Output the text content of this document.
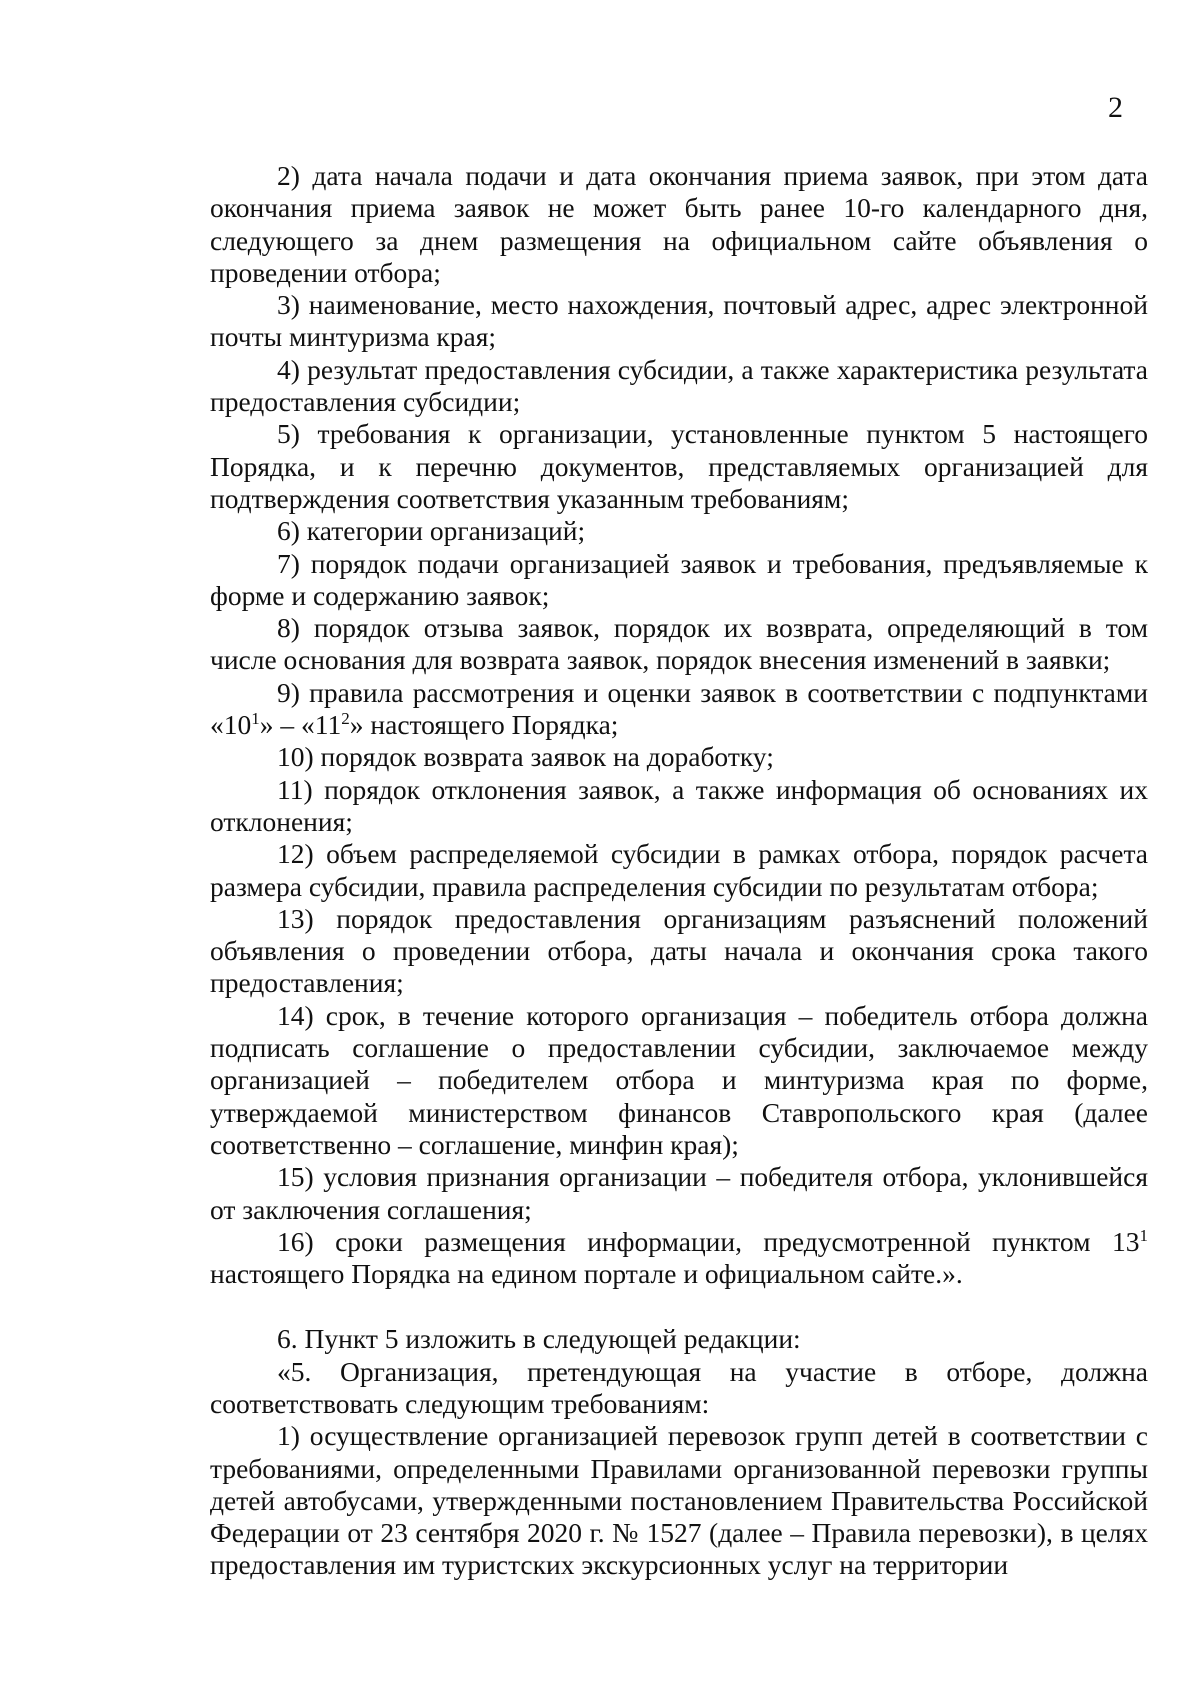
2

2) дата начала подачи и дата окончания приема заявок, при этом дата окончания приема заявок не может быть ранее 10-го календарного дня, следующего за днем размещения на официальном сайте объявления о проведении отбора;

3) наименование, место нахождения, почтовый адрес, адрес электронной почты минтуризма края;

4) результат предоставления субсидии, а также характеристика результата предоставления субсидии;

5) требования к организации, установленные пунктом 5 настоящего Порядка, и к перечню документов, представляемых организацией для подтверждения соответствия указанным требованиям;

6) категории организаций;

7) порядок подачи организацией заявок и требования, предъявляемые к форме и содержанию заявок;

8) порядок отзыва заявок, порядок их возврата, определяющий в том числе основания для возврата заявок, порядок внесения изменений в заявки;

9) правила рассмотрения и оценки заявок в соответствии с подпунктами «$10^1$» – «$11^2$» настоящего Порядка;

10) порядок возврата заявок на доработку;

11) порядок отклонения заявок, а также информация об основаниях их отклонения;

12) объем распределяемой субсидии в рамках отбора, порядок расчета размера субсидии, правила распределения субсидии по результатам отбора;

13) порядок предоставления организациям разъяснений положений объявления о проведении отбора, даты начала и окончания срока такого предоставления;

14) срок, в течение которого организация – победитель отбора должна подписать соглашение о предоставлении субсидии, заключаемое между организацией – победителем отбора и минтуризма края по форме, утверждаемой министерством финансов Ставропольского края (далее соответственно – соглашение, минфин края);

15) условия признания организации – победителя отбора, уклонившейся от заключения соглашения;

16) сроки размещения информации, предусмотренной пунктом $13^1$ настоящего Порядка на едином портале и официальном сайте.».

6. Пункт 5 изложить в следующей редакции:

«5. Организация, претендующая на участие в отборе, должна соответствовать следующим требованиям:

1) осуществление организацией перевозок групп детей в соответствии с требованиями, определенными Правилами организованной перевозки группы детей автобусами, утвержденными постановлением Правительства Российской Федерации от 23 сентября 2020 г. № 1527 (далее – Правила перевозки), в целях предоставления им туристских экскурсионных услуг на территории
